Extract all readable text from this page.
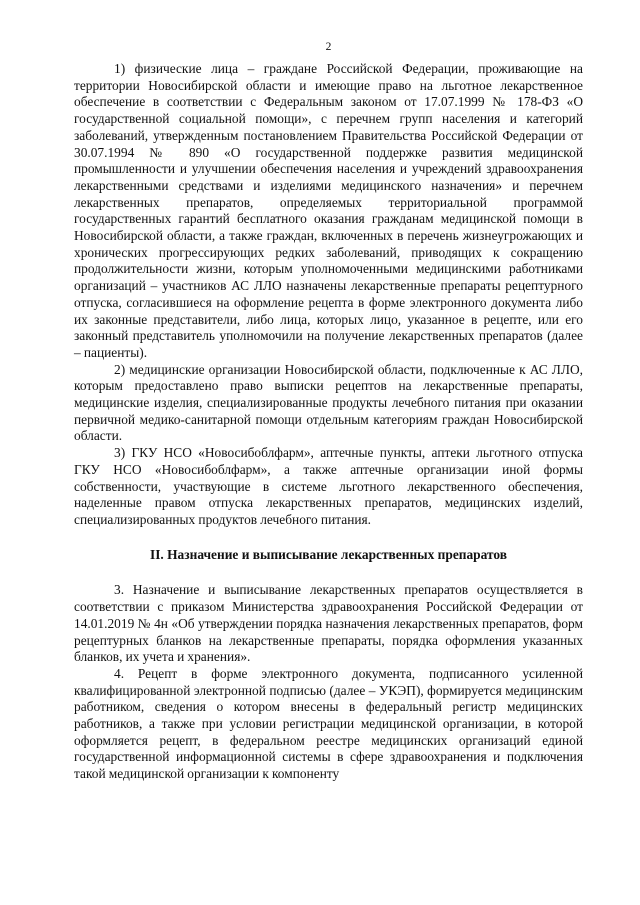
2

1) физические лица – граждане Российской Федерации, проживающие на территории Новосибирской области и имеющие право на льготное лекарственное обеспечение в соответствии с Федеральным законом от 17.07.1999 № 178-ФЗ «О государственной социальной помощи», с перечнем групп населения и категорий заболеваний, утвержденным постановлением Правительства Российской Федерации от 30.07.1994 № 890 «О государственной поддержке развития медицинской промышленности и улучшении обеспечения населения и учреждений здравоохранения лекарственными средствами и изделиями медицинского назначения» и перечнем лекарственных препаратов, определяемых территориальной программой государственных гарантий бесплатного оказания гражданам медицинской помощи в Новосибирской области, а также граждан, включенных в перечень жизнеугрожающих и хронических прогрессирующих редких заболеваний, приводящих к сокращению продолжительности жизни, которым уполномоченными медицинскими работниками организаций – участников АС ЛЛО назначены лекарственные препараты рецептурного отпуска, согласившиеся на оформление рецепта в форме электронного документа либо их законные представители, либо лица, которых лицо, указанное в рецепте, или его законный представитель уполномочили на получение лекарственных препаратов (далее – пациенты).

2) медицинские организации Новосибирской области, подключенные к АС ЛЛО, которым предоставлено право выписки рецептов на лекарственные препараты, медицинские изделия, специализированные продукты лечебного питания при оказании первичной медико-санитарной помощи отдельным категориям граждан Новосибирской области.

3) ГКУ НСО «Новосибоблфарм», аптечные пункты, аптеки льготного отпуска ГКУ НСО «Новосибоблфарм», а также аптечные организации иной формы собственности, участвующие в системе льготного лекарственного обеспечения, наделенные правом отпуска лекарственных препаратов, медицинских изделий, специализированных продуктов лечебного питания.

II. Назначение и выписывание лекарственных препаратов

3. Назначение и выписывание лекарственных препаратов осуществляется в соответствии с приказом Министерства здравоохранения Российской Федерации от 14.01.2019 № 4н «Об утверждении порядка назначения лекарственных препаратов, форм рецептурных бланков на лекарственные препараты, порядка оформления указанных бланков, их учета и хранения».

4. Рецепт в форме электронного документа, подписанного усиленной квалифицированной электронной подписью (далее – УКЭП), формируется медицинским работником, сведения о котором внесены в федеральный регистр медицинских работников, а также при условии регистрации медицинской организации, в которой оформляется рецепт, в федеральном реестре медицинских организаций единой государственной информационной системы в сфере здравоохранения и подключения такой медицинской организации к компоненту
